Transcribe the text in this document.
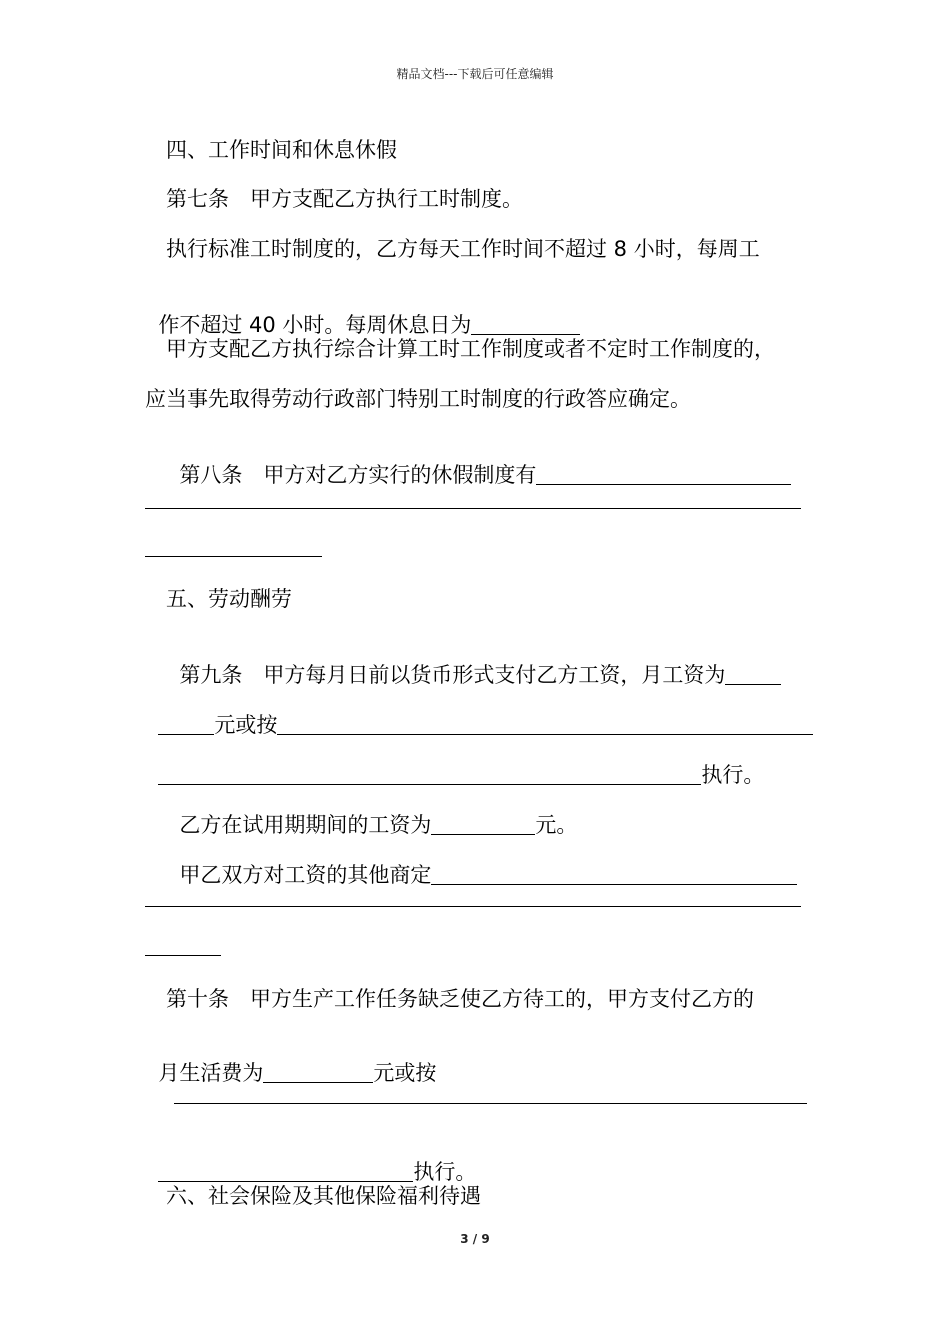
精品文档---下载后可任意编辑
四、工作时间和休息休假
第七条　甲方支配乙方执行工时制度。
执行标准工时制度的，乙方每天工作时间不超过 8 小时，每周工

作不超过 40 小时。每周休息日为

甲方支配乙方执行综合计算工时工作制度或者不定时工作制度的，
应当事先取得劳动行政部门特别工时制度的行政答应确定。

第八条　甲方对乙方实行的休假制度有

五、劳动酬劳

第九条　甲方每月日前以货币形式支付乙方工资，月工资为

元或按

执行。

乙方在试用期期间的工资为	元。

甲乙双方对工资的其他商定

第十条　甲方生产工作任务缺乏使乙方待工的，甲方支付乙方的

月生活费为	元或按

执行。

六、社会保险及其他保险福利待遇
3 / 9
